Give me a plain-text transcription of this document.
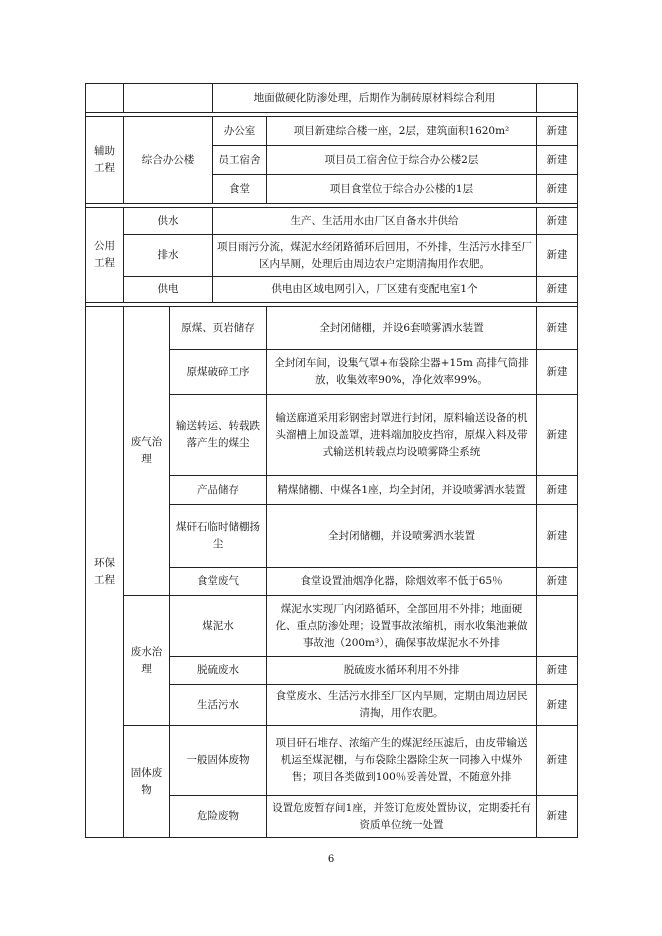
			地面做硬化防渗处理，后期作为制砖原材料综合利用		

辅助工程	综合办公楼		办公室	项目新建综合楼一座，2层，建筑面积1620m²	新建
			员工宿舍	项目员工宿舍位于综合办公楼2层	新建
			食堂	项目食堂位于综合办公楼的1层	新建

公用工程	供水		生产、生活用水由厂区自备水井供给		新建
	排水		项目雨污分流，煤泥水经闭路循环后回用，不外排，生活污水排至厂区内旱厕，处理后由周边农户定期清掏用作农肥。		新建
	供电		供电由区域电网引入，厂区建有变配电室1个		新建

环保工程	废气治理	原煤、页岩储存		全封闭储棚，并设6套喷雾洒水装置	新建
		原煤破碎工序		全封闭车间，设集气罩+布袋除尘器+15m 高排气筒排放，收集效率90%，净化效率99%。	新建
		输送转运、转载跌落产生的煤尘		输送廊道采用彩钢密封罩进行封闭，原料输送设备的机头溜槽上加设盖罩，进料端加胶皮挡帘，原煤入料及带式输送机转载点均设喷雾降尘系统	新建
		产品储存		精煤储棚、中煤各1座，均全封闭，并设喷雾洒水装置	新建
		煤矸石临时储棚扬尘		全封闭储棚，并设喷雾洒水装置	新建
		食堂废气		食堂设置油烟净化器，除烟效率不低于65％	新建
	废水治理	煤泥水		煤泥水实现厂内闭路循环，全部回用不外排；地面硬化、重点防渗处理；设置事故浓缩机，雨水收集池兼做事故池（200m³），确保事故煤泥水不外排	
		脱硫废水		脱硫废水循环利用不外排	新建
		生活污水		食堂废水、生活污水排至厂区内旱厕，定期由周边居民清掏，用作农肥。	新建
	固体废物	一般固体废物		项目矸石堆存、浓缩产生的煤泥经压滤后，由皮带输送机运至煤泥棚，与布袋除尘器除尘灰一同掺入中煤外售；项目各类做到100％妥善处置，不随意外排	新建
		危险废物		设置危废暂存间1座，并签订危废处置协议，定期委托有资质单位统一处置	新建
6
